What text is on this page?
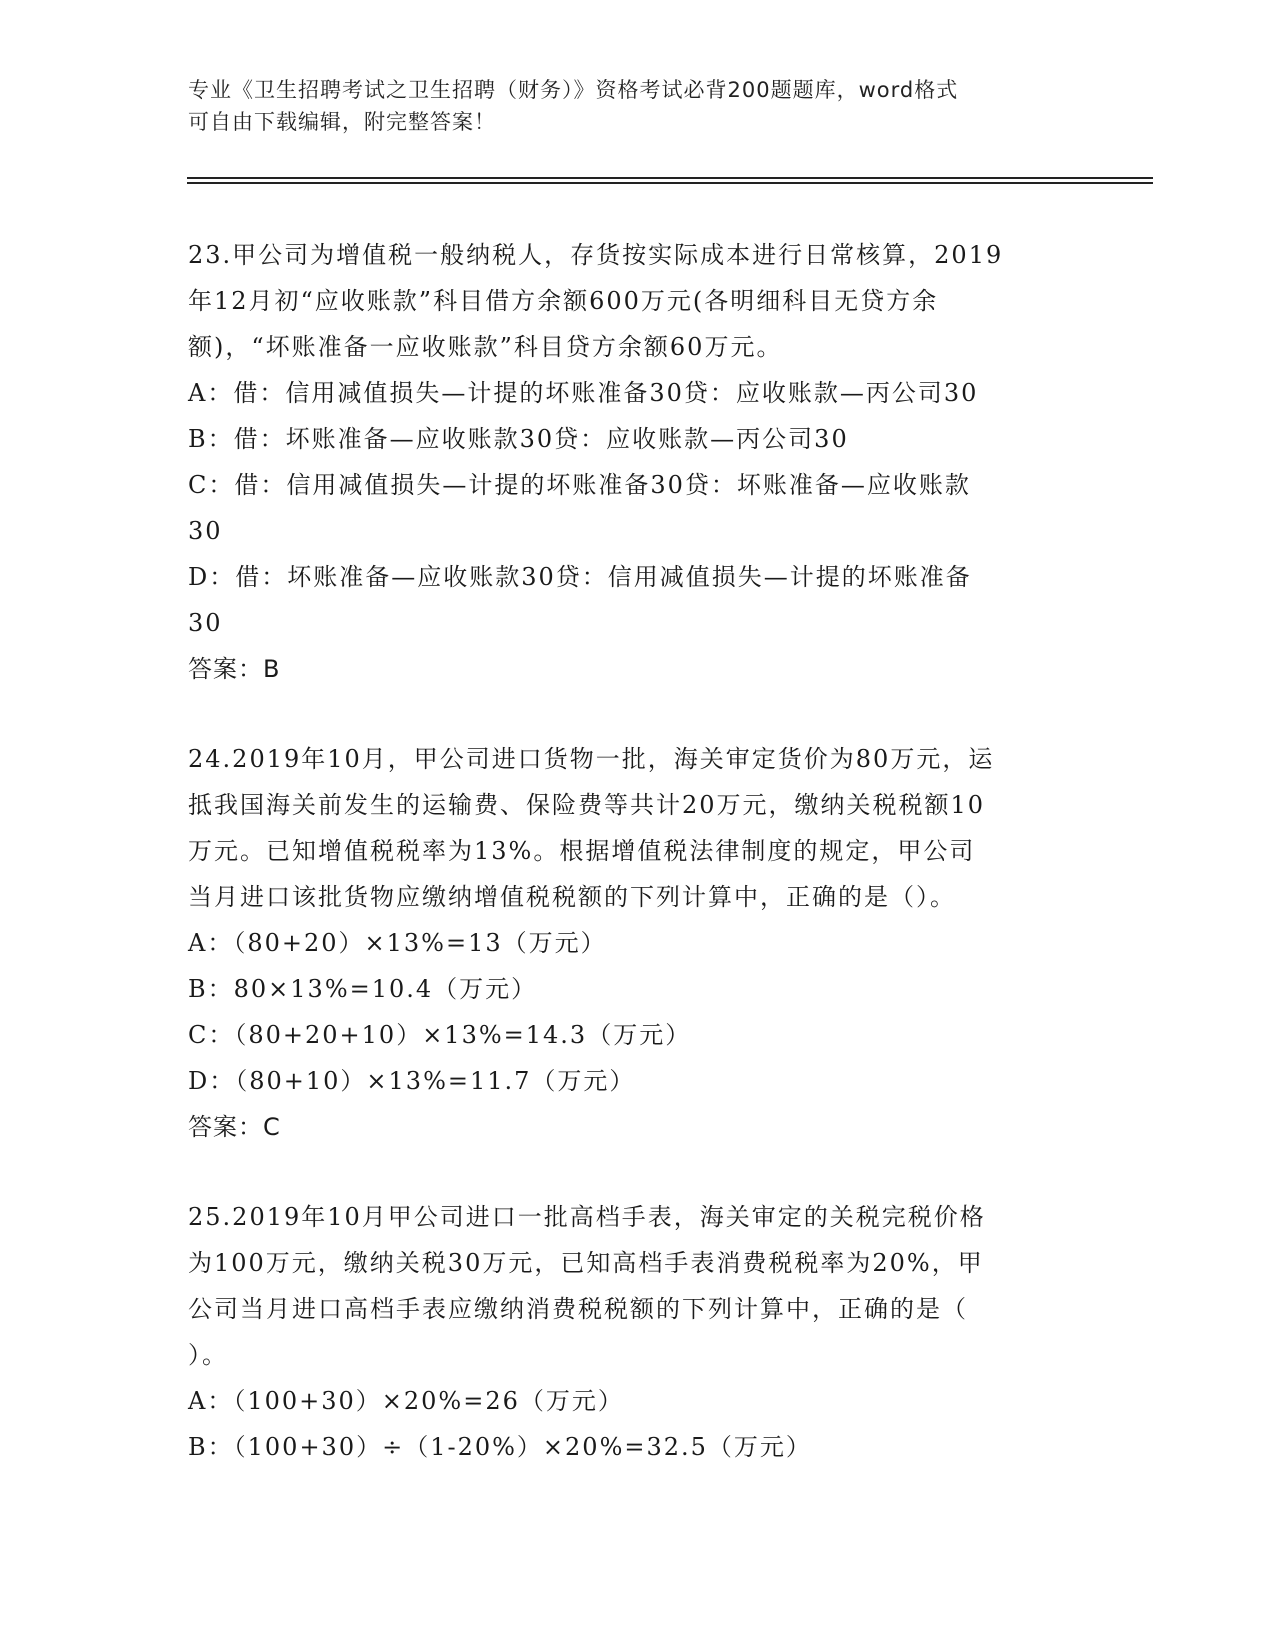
专业《卫生招聘考试之卫生招聘（财务）》资格考试必背200题题库，word格式
可自由下载编辑，附完整答案！
23.甲公司为增值税一般纳税人，存货按实际成本进行日常核算，2019
年12月初“应收账款”科目借方余额600万元(各明细科目无贷方余
额)，“坏账准备一应收账款”科目贷方余额60万元。
A：借：信用减值损失—计提的坏账准备30贷：应收账款—丙公司30
B：借：坏账准备—应收账款30贷：应收账款—丙公司30
C：借：信用减值损失—计提的坏账准备30贷：坏账准备—应收账款
30
D：借：坏账准备—应收账款30贷：信用减值损失—计提的坏账准备
30
答案：B
24.2019年10月，甲公司进口货物一批，海关审定货价为80万元，运
抵我国海关前发生的运输费、保险费等共计20万元，缴纳关税税额10
万元。已知增值税税率为13%。根据增值税法律制度的规定，甲公司
当月进口该批货物应缴纳增值税税额的下列计算中，正确的是（）。
A：（80+20）×13%=13（万元）
B：80×13%=10.4（万元）
C：（80+20+10）×13%=14.3（万元）
D：（80+10）×13%=11.7（万元）
答案：C
25.2019年10月甲公司进口一批高档手表，海关审定的关税完税价格
为100万元，缴纳关税30万元，已知高档手表消费税税率为20%，甲
公司当月进口高档手表应缴纳消费税税额的下列计算中，正确的是（
）。
A：（100+30）×20%=26（万元）
B：（100+30）÷（1-20%）×20%=32.5（万元）
